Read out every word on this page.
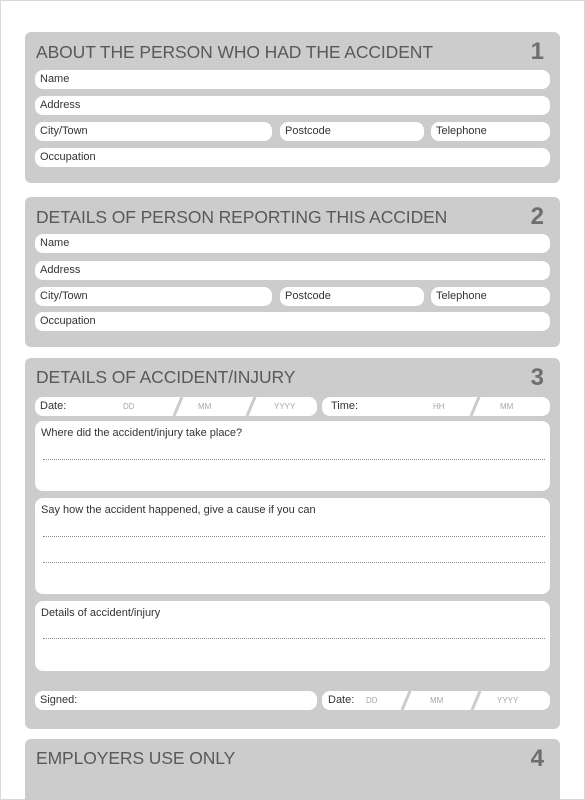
ABOUT THE PERSON WHO HAD THE ACCIDENT	1
Name
Address
City/Town	Postcode	Telephone
Occupation
DETAILS OF PERSON REPORTING THIS ACCIDEN	2
Name
Address
City/Town	Postcode	Telephone
Occupation
DETAILS OF ACCIDENT/INJURY	3
Date:	DD	MM	YYYY	Time:	HH	MM
Where did the accident/injury take place?
Say how the accident happened, give a cause if you can
Details of accident/injury
Signed:	Date: DD	MM	YYYY
EMPLOYERS USE ONLY	4
